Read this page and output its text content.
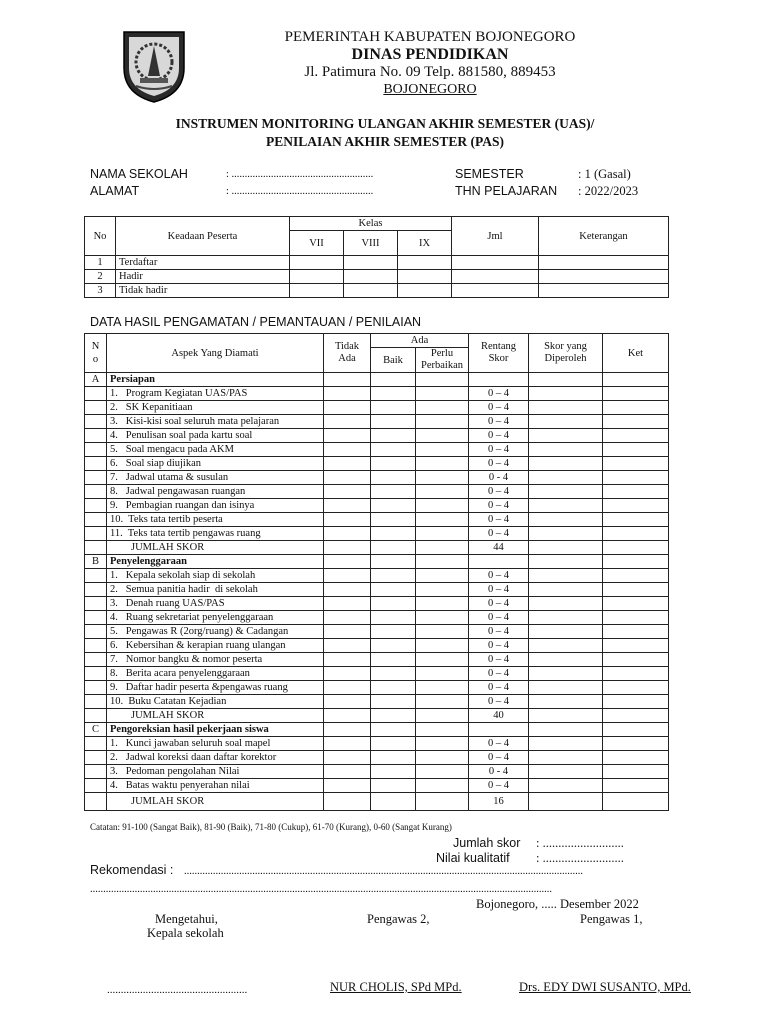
PEMERINTAH KABUPATEN BOJONEGORO
DINAS PENDIDIKAN
Jl. Patimura No. 09 Telp. 881580, 889453
BOJONEGORO
INSTRUMEN MONITORING ULANGAN AKHIR SEMESTER (UAS)/
PENILAIAN AKHIR SEMESTER (PAS)
NAMA SEKOLAH	: ......................................................
ALAMAT	: ......................................................
SEMESTER	: 1 (Gasal)
THN PELAJARAN : 2022/2023
No	Keadaan Peserta	Kelas			Jml	Keterangan
		VII	VIII	IX		
1	Terdaftar					
2	Hadir					
3	Tidak hadir					
DATA HASIL PENGAMATAN / PEMANTAUAN / PENILAIAN
N o	Aspek Yang Diamati	Tidak Ada	Ada		Rentang Skor	Skor yang Diperoleh	Ket
			Baik	Perlu Perbaikan			
A	Persiapan						
	1.   Program Kegiatan UAS/PAS				0 – 4		
	2.   SK Kepanitiaan				0 – 4		
	3.   Kisi-kisi soal seluruh mata pelajaran				0 – 4		
	4.   Penulisan soal pada kartu soal				0 – 4		
	5.   Soal mengacu pada AKM				0 – 4		
	6.   Soal siap diujikan				0 – 4		
	7.   Jadwal utama & susulan				0 - 4		
	8.   Jadwal pengawasan ruangan				0 – 4		
	9.   Pembagian ruangan dan isinya				0 – 4		
	10.  Teks tata tertib peserta				0 – 4		
	11.  Teks tata tertib pengawas ruang				0 – 4		
	JUMLAH SKOR				44		
B	Penyelenggaraan						
	1.   Kepala sekolah siap di sekolah				0 – 4		
	2.   Semua panitia hadir  di sekolah				0 – 4		
	3.   Denah ruang UAS/PAS				0 – 4		
	4.   Ruang sekretariat penyelenggaraan				0 – 4		
	5.   Pengawas R (2org/ruang) & Cadangan				0 – 4		
	6.   Kebersihan & kerapian ruang ulangan				0 – 4		
	7.   Nomor bangku & nomor peserta				0 – 4		
	8.   Berita acara penyelenggaraan				0 – 4		
	9.   Daftar hadir peserta &pengawas ruang				0 – 4		
	10.  Buku Catatan Kejadian				0 – 4		
	JUMLAH SKOR				40		
C	Pengoreksian hasil pekerjaan siswa						
	1.   Kunci jawaban seluruh soal mapel				0 – 4		
	2.   Jadwal koreksi daan daftar korektor				0 – 4		
	3.   Pedoman pengolahan Nilai				0 - 4		
	4.   Batas waktu penyerahan nilai				0 – 4		
	JUMLAH SKOR				16		
Catatan: 91-100 (Sangat Baik), 81-90 (Baik), 71-80 (Cukup), 61-70 (Kurang), 0-60 (Sangat Kurang)
Jumlah skor : ..........................
Nilai kualitatif : ..........................
Rekomendasi : ........................................................................................................................................................
................................................................................................................................................................................
Bojonegoro, ..... Desember 2022
Mengetahui,
Kepala sekolah
Pengawas 2,	Pengawas 1,
...................................................	NUR CHOLIS, SPd MPd.	Drs. EDY DWI SUSANTO, MPd.
